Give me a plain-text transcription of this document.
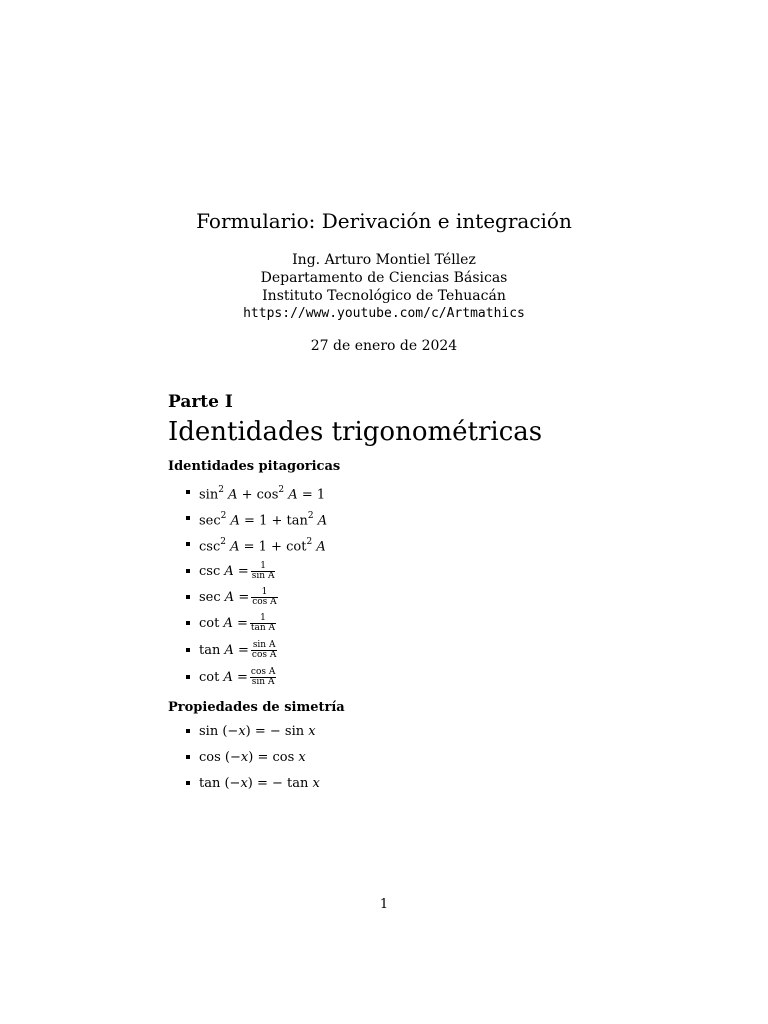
Formulario: Derivación e integración
Ing. Arturo Montiel Téllez
Departamento de Ciencias Básicas
Instituto Tecnológico de Tehuacán
https://www.youtube.com/c/Artmathics
27 de enero de 2024
Parte I
Identidades trigonométricas
Identidades pitagoricas
$\sin^2 A + \cos^2 A = 1$
$\sec^2 A = 1 + \tan^2 A$
$\csc^2 A = 1 + \cot^2 A$
$\csc A = \frac{1}{\text{sin A}}$
$\sec A = \frac{1}{\text{cos A}}$
$\cot A = \frac{1}{\text{tan A}}$
$\tan A = \frac{\text{sin A}}{\text{cos A}}$
$\cot A = \frac{\text{cos A}}{\text{sin A}}$
Propiedades de simetría
sin (−x) = − sin x
cos (−x) = cos x
tan (−x) = − tan x
1
